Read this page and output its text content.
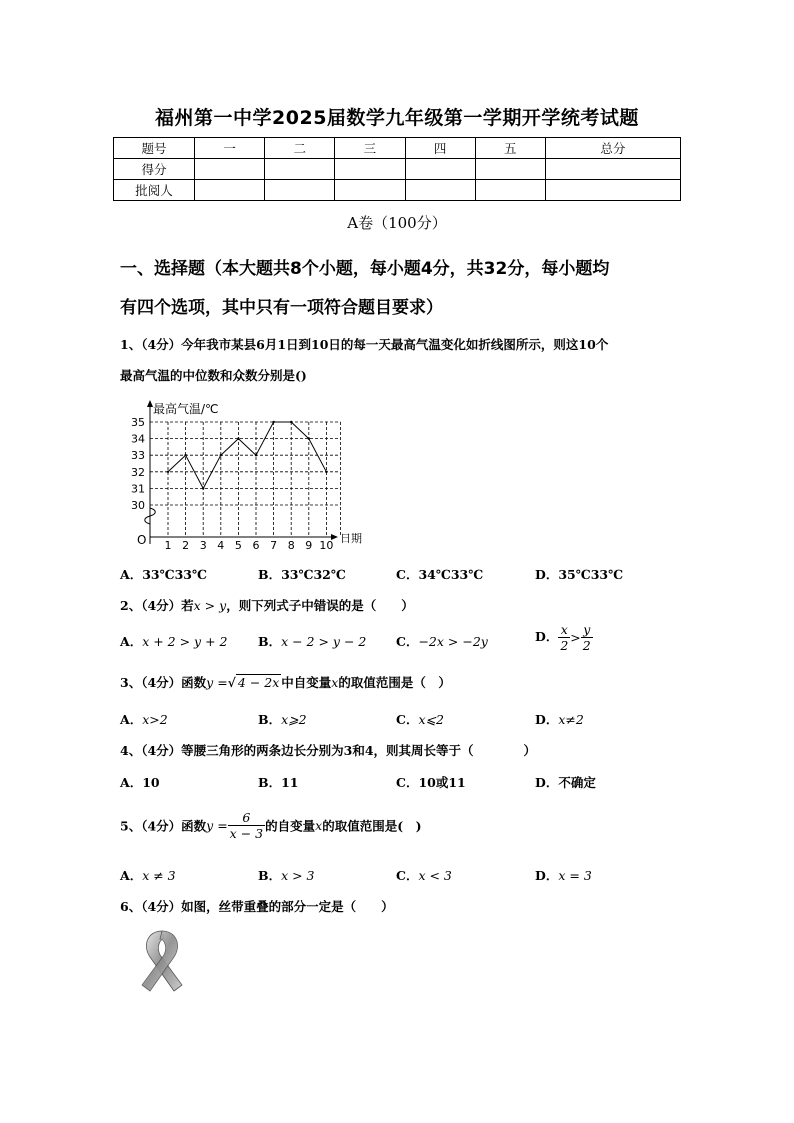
福州第一中学2025届数学九年级第一学期开学统考试题
题号	一	二	三	四	五	总分
得分						
批阅人						
A卷（100分）
一、选择题（本大题共8个小题，每小题4分，共32分，每小题均
有四个选项，其中只有一项符合题目要求）
1、（4分）今年我市某县6月1日到10日的每一天最高气温变化如折线图所示，则这10个
最高气温的中位数和众数分别是()
最高气温/℃
日期
O
30
31
32
33
34
35
1 2 3 4 5 6 7 8 9 10
A．33℃33℃	B．33℃32℃	C．34℃33℃	D．35℃33℃
2、（4分）若x > y，则下列式子中错误的是（　　）
A．x + 2 > y + 2 B．x − 2 > y − 2 C．−2x > −2y	D． $\frac{x}{2} > \frac{y}{2}$
3、（4分）函数y =√ 4 − 2x 中自变量x的取值范围是（　）
A．x>2	B．x⩾2	C．x⩽2	D．x≠2
4、（4分）等腰三角形的两条边长分别为3和4，则其周长等于（　　　　）
A．10	B．11	C．10或11	D．不确定
5、（4分）函数$y = \frac{6}{x - 3}$ 的自变量x的取值范围是(　)
A．x ≠ 3	B．x > 3	C．x < 3	D．x = 3
6、（4分）如图，丝带重叠的部分一定是（　　）
